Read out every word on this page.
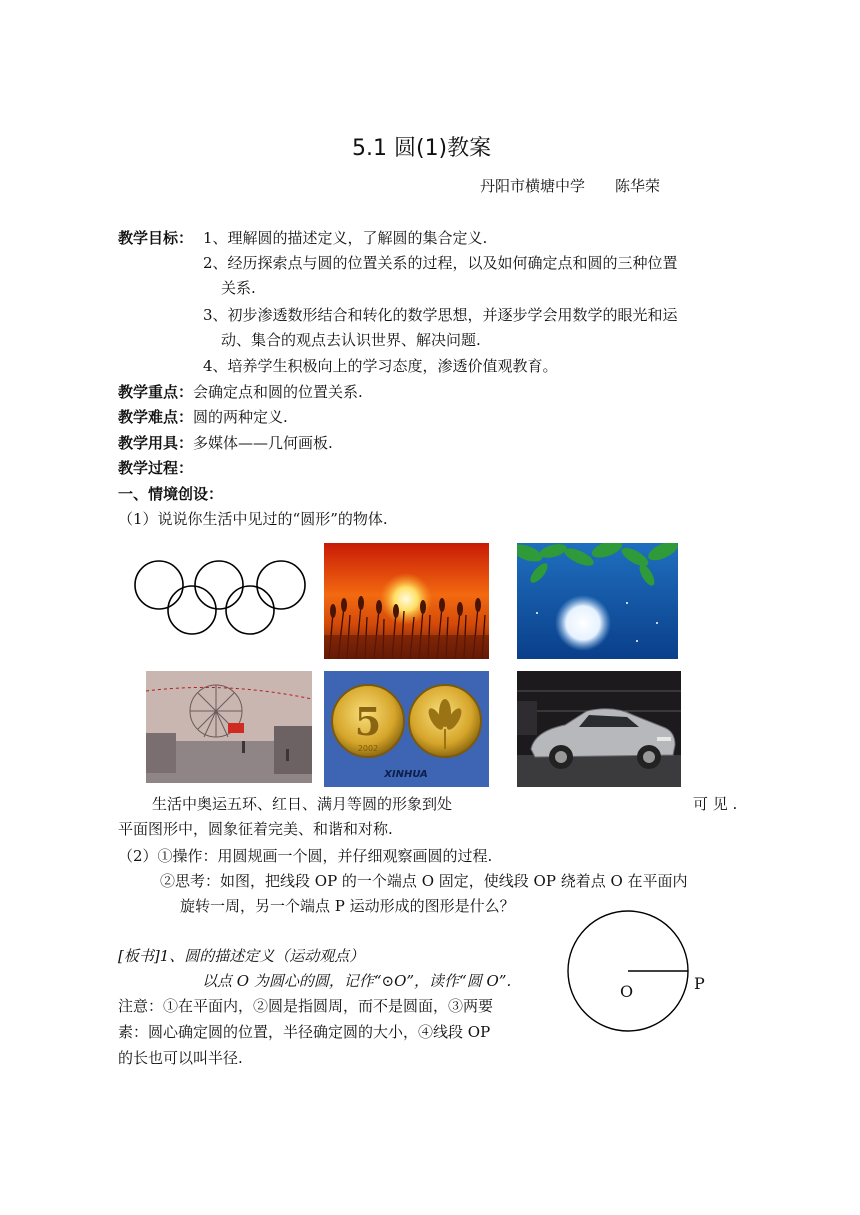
5.1 圆(1)教案
丹阳市横塘中学　　陈华荣
教学目标： 1、理解圆的描述定义，了解圆的集合定义.
2、经历探索点与圆的位置关系的过程，以及如何确定点和圆的三种位置
关系.
3、初步渗透数形结合和转化的数学思想，并逐步学会用数学的眼光和运
动、集合的观点去认识世界、解决问题.
4、培养学生积极向上的学习态度，渗透价值观教育。
教学重点：会确定点和圆的位置关系.
教学难点：圆的两种定义.
教学用具：多媒体——几何画板.
教学过程：
一、情境创设：
（1）说说你生活中见过的“圆形”的物体.
5
2002
XINHUA
生活中奥运五环、红日、满月等圆的形象到处	可 见 .
平面图形中，圆象征着完美、和谐和对称.
（2）①操作：用圆规画一个圆，并仔细观察画圆的过程.
②思考：如图，把线段 OP 的一个端点 O 固定，使线段 OP 绕着点 O 在平面内
旋转一周，另一个端点 P 运动形成的图形是什么？
[板书]1、圆的描述定义（运动观点）
以点 O 为圆心的圆，记作“⊙O”，读作“圆 O”.
注意：①在平面内，②圆是指圆周，而不是圆面，③两要
素：圆心确定圆的位置，半径确定圆的大小，④线段 OP
的长也可以叫半径.
O	P
